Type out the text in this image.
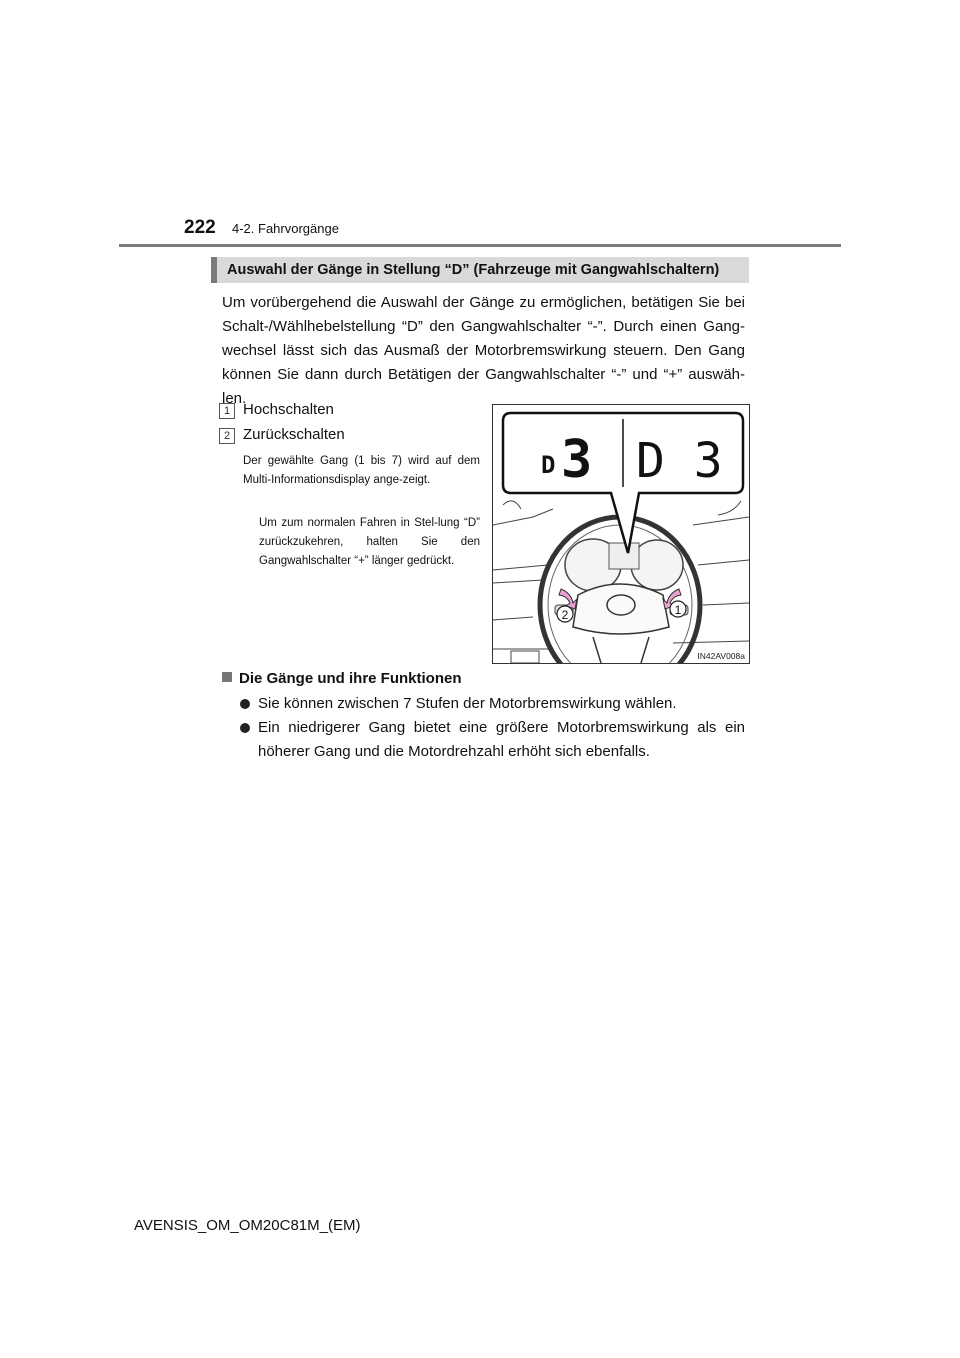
222 4-2. Fahrvorgänge
Auswahl der Gänge in Stellung “D” (Fahrzeuge mit Gangwahlschaltern)

Um vorübergehend die Auswahl der Gänge zu ermöglichen, betätigen Sie bei Schalt-/Wählhebelstellung “D” den Gangwahlschalter “-”. Durch einen Gang-wechsel lässt sich das Ausmaß der Motorbremswirkung steuern. Den Gang können Sie dann durch Betätigen der Gangwahlschalter “-” und “+” auswäh-len.

1 Hochschalten
2 Zurückschalten

Der gewählte Gang (1 bis 7) wird auf dem Multi-Informationsdisplay ange-zeigt.

Um zum normalen Fahren in Stel-lung “D” zurückzukehren, halten Sie den Gangwahlschalter “+” länger gedrückt.

2	1
D 3 D 3
IN42AV008a
Die Gänge und ihre Funktionen
Sie können zwischen 7 Stufen der Motorbremswirkung wählen.
Ein niedrigerer Gang bietet eine größere Motorbremswirkung als ein höherer Gang und die Motordrehzahl erhöht sich ebenfalls.
AVENSIS_OM_OM20C81M_(EM)
